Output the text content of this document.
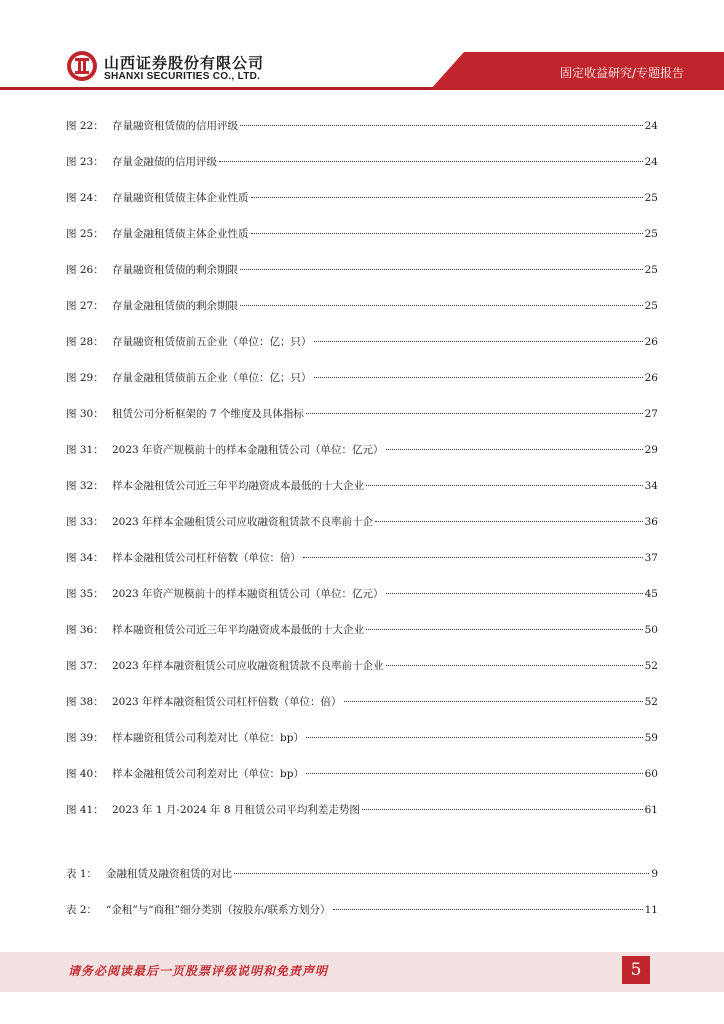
山西证券股份有限公司
SHANXI SECURITIES CO., LTD.	固定收益研究/专题报告
图 22： 存量融资租赁债的信用评级	24
图 23： 存量金融债的信用评级	24
图 24： 存量融资租赁债主体企业性质	25
图 25： 存量金融租赁债主体企业性质	25
图 26： 存量融资租赁债的剩余期限	25
图 27： 存量金融租赁债的剩余期限	25
图 28： 存量融资租赁债前五企业（单位：亿；只）	26
图 29： 存量金融租赁债前五企业（单位：亿；只）	26
图 30： 租赁公司分析框架的 7 个维度及具体指标	27
图 31： 2023 年资产规模前十的样本金融租赁公司（单位：亿元）	29
图 32： 样本金融租赁公司近三年平均融资成本最低的十大企业	34
图 33： 2023 年样本金融租赁公司应收融资租赁款不良率前十企	36
图 34： 样本金融租赁公司杠杆倍数（单位：倍）	37
图 35： 2023 年资产规模前十的样本融资租赁公司（单位：亿元）	45
图 36： 样本融资租赁公司近三年平均融资成本最低的十大企业	50
图 37： 2023 年样本融资租赁公司应收融资租赁款不良率前十企业	52
图 38： 2023 年样本融资租赁公司杠杆倍数（单位：倍）	52
图 39： 样本融资租赁公司利差对比（单位：bp）	59
图 40： 样本金融租赁公司利差对比（单位：bp）	60
图 41： 2023 年 1 月-2024 年 8 月租赁公司平均利差走势图	61
表 1： 金融租赁及融资租赁的对比	9
表 2： “金租”与“商租”细分类别（按股东/联系方划分）	11
请务必阅读最后一页股票评级说明和免责声明	5
